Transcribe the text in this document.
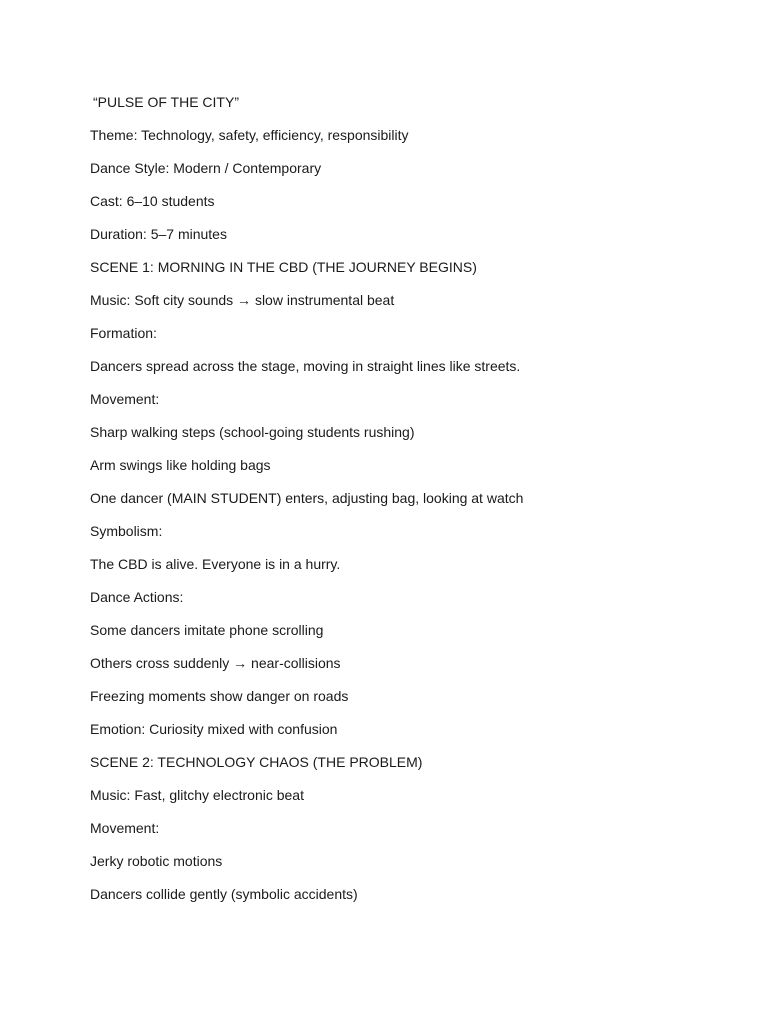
“PULSE OF THE CITY”
Theme: Technology, safety, efficiency, responsibility
Dance Style: Modern / Contemporary
Cast: 6–10 students
Duration: 5–7 minutes
SCENE 1: MORNING IN THE CBD (THE JOURNEY BEGINS)
Music: Soft city sounds → slow instrumental beat
Formation:
Dancers spread across the stage, moving in straight lines like streets.
Movement:
Sharp walking steps (school-going students rushing)
Arm swings like holding bags
One dancer (MAIN STUDENT) enters, adjusting bag, looking at watch
Symbolism:
The CBD is alive. Everyone is in a hurry.
Dance Actions:
Some dancers imitate phone scrolling
Others cross suddenly → near-collisions
Freezing moments show danger on roads
Emotion: Curiosity mixed with confusion
SCENE 2: TECHNOLOGY CHAOS (THE PROBLEM)
Music: Fast, glitchy electronic beat
Movement:
Jerky robotic motions
Dancers collide gently (symbolic accidents)
